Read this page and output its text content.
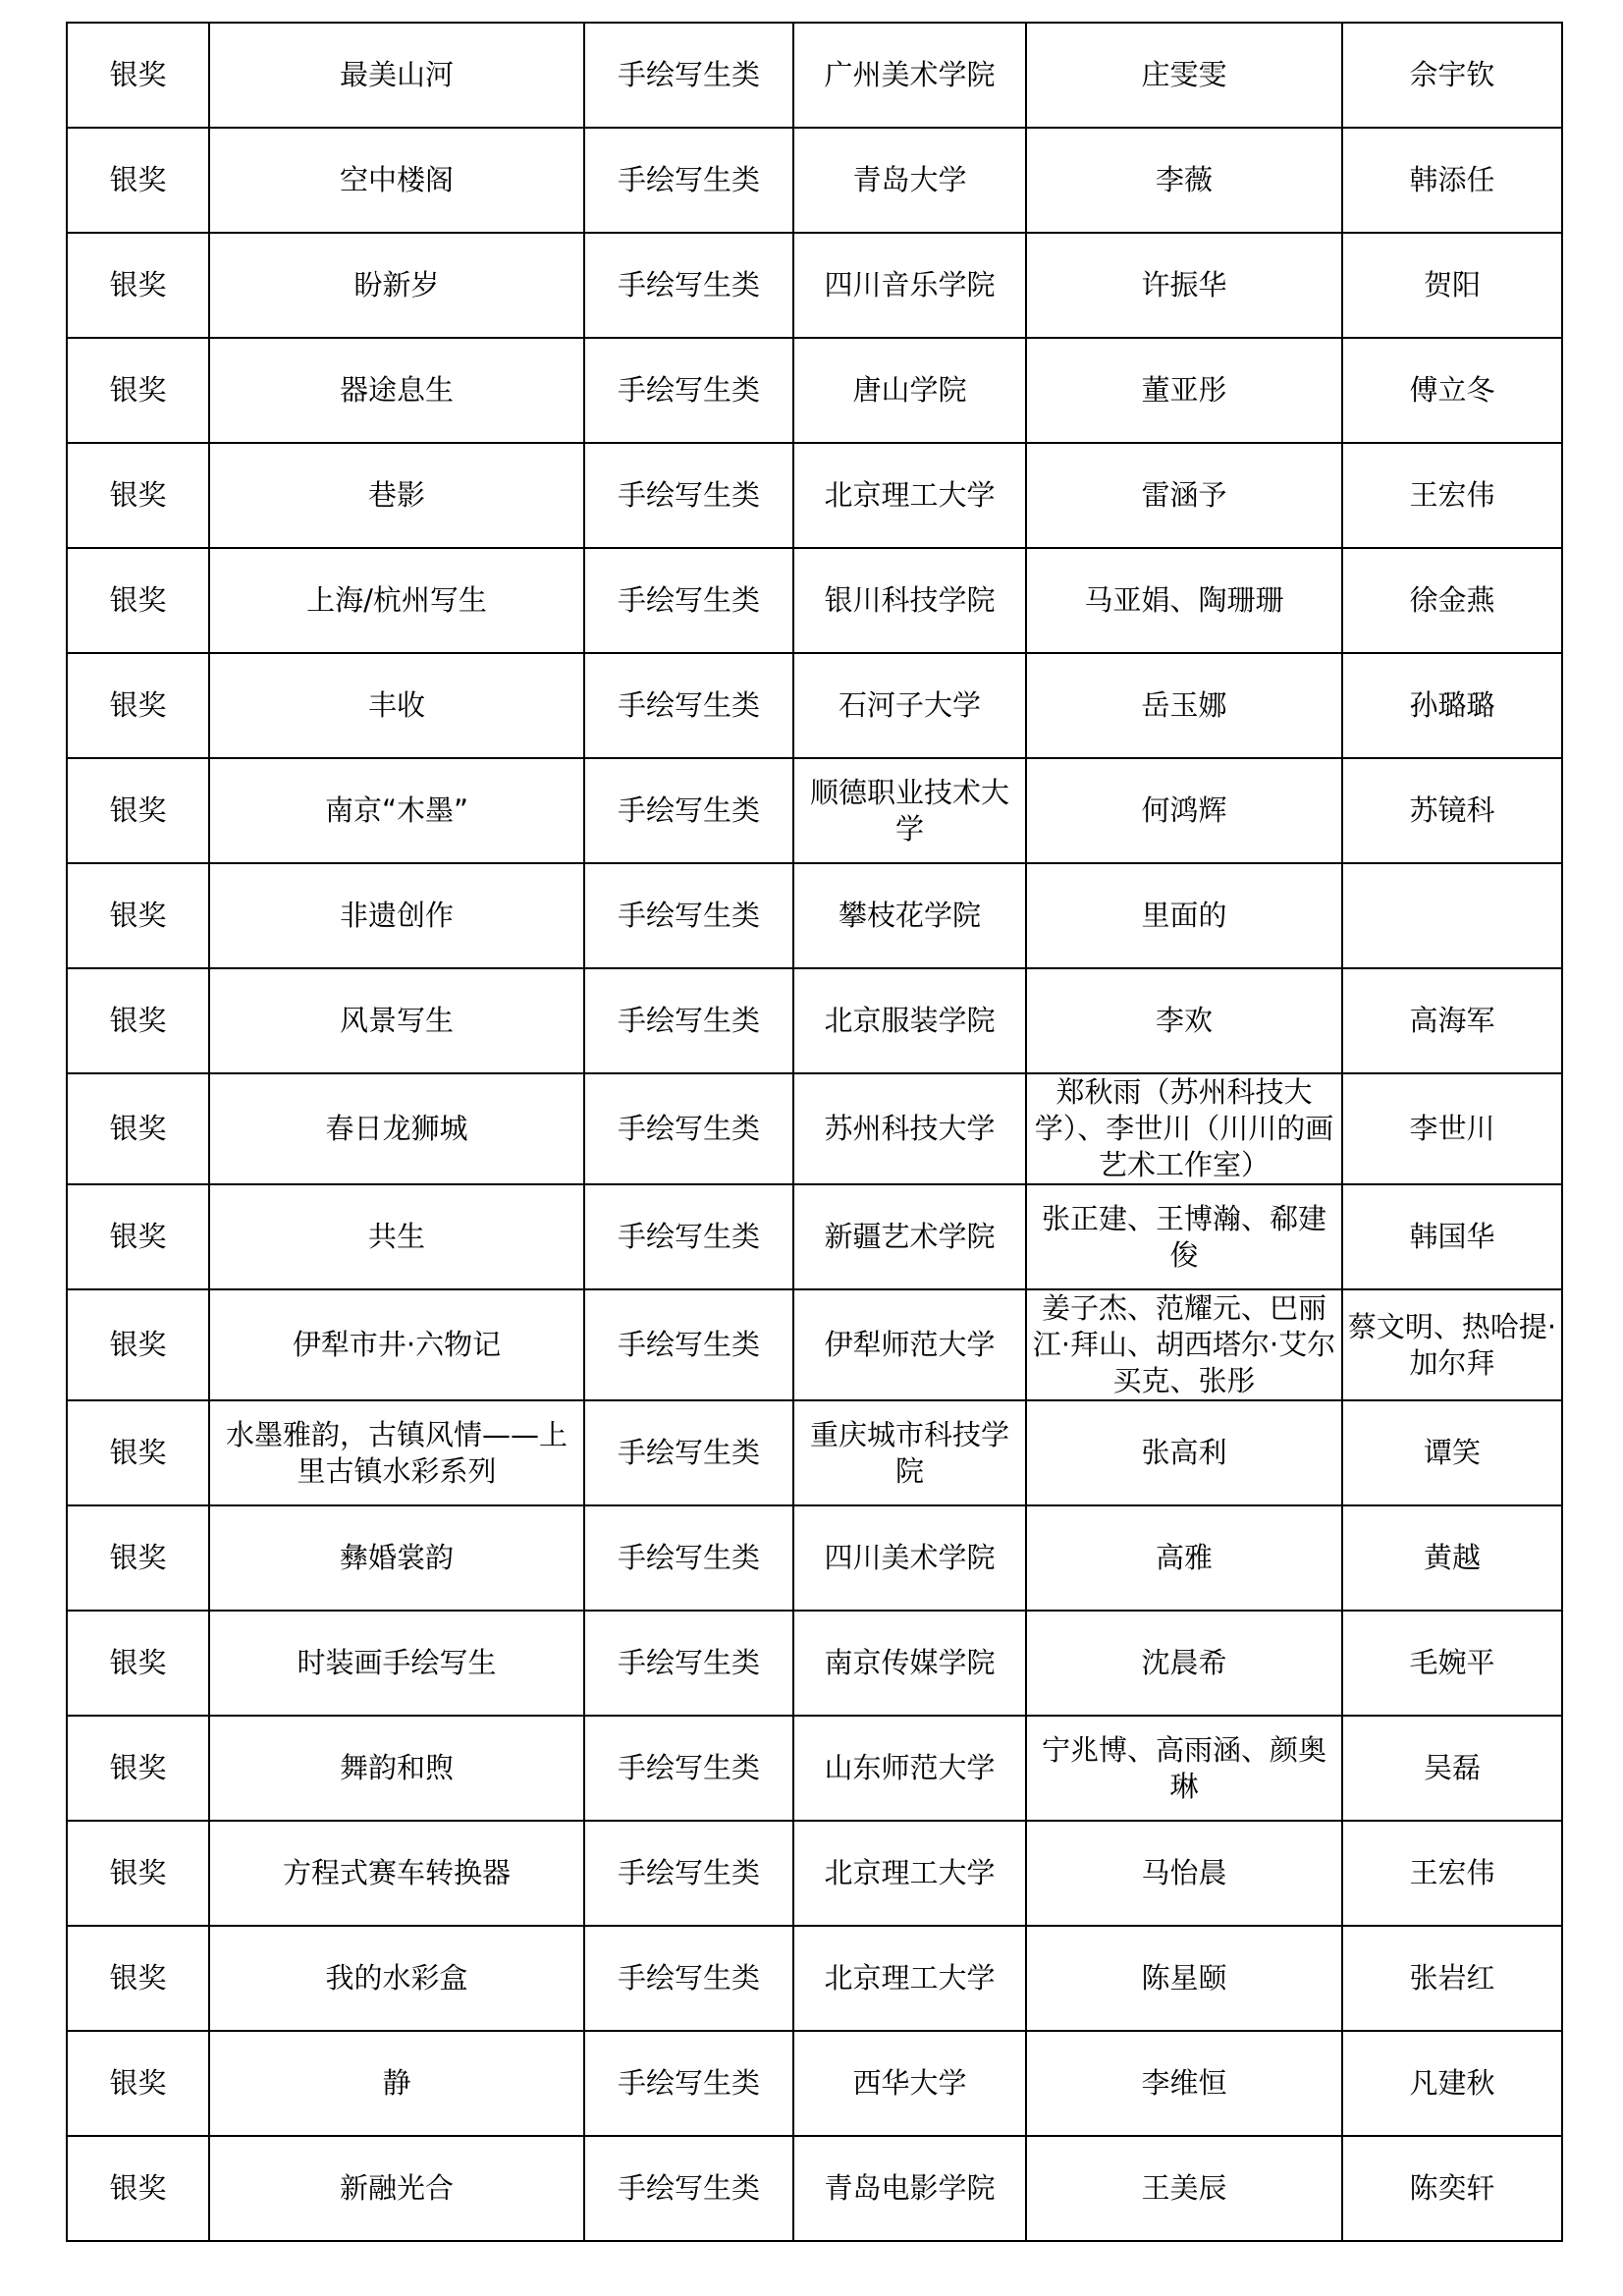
银奖	最美山河	手绘写生类	广州美术学院	庄雯雯	佘宇钦
银奖	空中楼阁	手绘写生类	青岛大学	李薇	韩添任
银奖	盼新岁	手绘写生类	四川音乐学院	许振华	贺阳
银奖	器途息生	手绘写生类	唐山学院	董亚彤	傅立冬
银奖	巷影	手绘写生类	北京理工大学	雷涵予	王宏伟
银奖	上海/杭州写生	手绘写生类	银川科技学院	马亚娟、陶珊珊	徐金燕
银奖	丰收	手绘写生类	石河子大学	岳玉娜	孙璐璐
银奖	南京“木墨”	手绘写生类	顺德职业技术大学	何鸿辉	苏镜科
银奖	非遗创作	手绘写生类	攀枝花学院	里面的	
银奖	风景写生	手绘写生类	北京服装学院	李欢	高海军
银奖	春日龙狮城	手绘写生类	苏州科技大学	郑秋雨（苏州科技大学）、李世川（川川的画艺术工作室）	李世川
银奖	共生	手绘写生类	新疆艺术学院	张正建、王博瀚、郗建俊	韩国华
银奖	伊犁市井·六物记	手绘写生类	伊犁师范大学	姜子杰、范耀元、巴丽江·拜山、胡西塔尔·艾尔买克、张彤	蔡文明、热哈提·加尔拜
银奖	水墨雅韵，古镇风情——上里古镇水彩系列	手绘写生类	重庆城市科技学院	张高利	谭笑
银奖	彝婚裳韵	手绘写生类	四川美术学院	高雅	黄越
银奖	时装画手绘写生	手绘写生类	南京传媒学院	沈晨希	毛婉平
银奖	舞韵和煦	手绘写生类	山东师范大学	宁兆博、高雨涵、颜奥琳	吴磊
银奖	方程式赛车转换器	手绘写生类	北京理工大学	马怡晨	王宏伟
银奖	我的水彩盒	手绘写生类	北京理工大学	陈星颐	张岩红
银奖	静	手绘写生类	西华大学	李维恒	凡建秋
银奖	新融光合	手绘写生类	青岛电影学院	王美辰	陈奕轩
